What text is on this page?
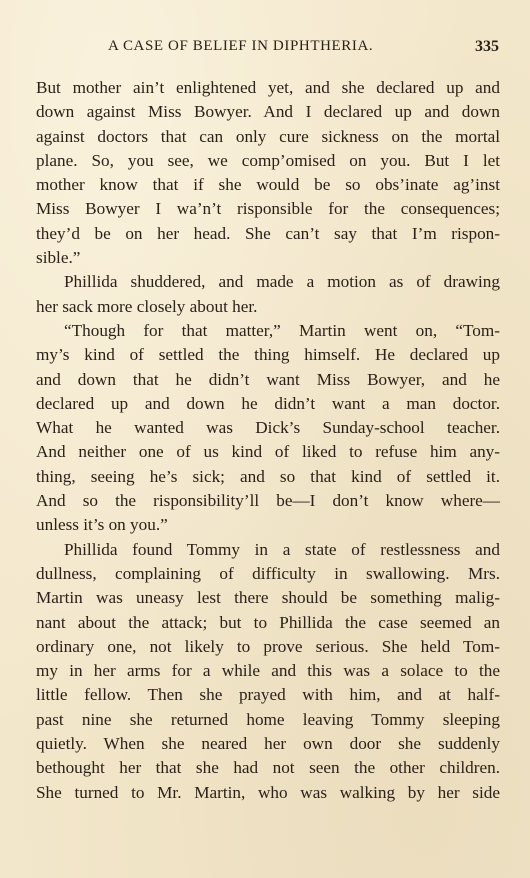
A CASE OF BELIEF IN DIPHTHERIA.	335

But mother ain’t enlightened yet, and she declared up and
down against Miss Bowyer. And I declared up and down
against doctors that can only cure sickness on the mortal
plane. So, you see, we comp’omised on you. But I let
mother know that if she would be so obs’inate ag’inst
Miss Bowyer I wa’n’t risponsible for the consequences;
they’d be on her head. She can’t say that I’m rispon-
sible.”

Phillida shuddered, and made a motion as of drawing
her sack more closely about her.

“Though for that matter,” Martin went on, “Tom-
my’s kind of settled the thing himself. He declared up
and down that he didn’t want Miss Bowyer, and he
declared up and down he didn’t want a man doctor.
What he wanted was Dick’s Sunday-school teacher.
And neither one of us kind of liked to refuse him any-
thing, seeing he’s sick; and so that kind of settled it.
And so the risponsibility’ll be—I don’t know where—
unless it’s on you.”

Phillida found Tommy in a state of restlessness and
dullness, complaining of difficulty in swallowing. Mrs.
Martin was uneasy lest there should be something malig-
nant about the attack; but to Phillida the case seemed an
ordinary one, not likely to prove serious. She held Tom-
my in her arms for a while and this was a solace to the
little fellow. Then she prayed with him, and at half-
past nine she returned home leaving Tommy sleeping
quietly. When she neared her own door she suddenly
bethought her that she had not seen the other children.
She turned to Mr. Martin, who was walking by her side
